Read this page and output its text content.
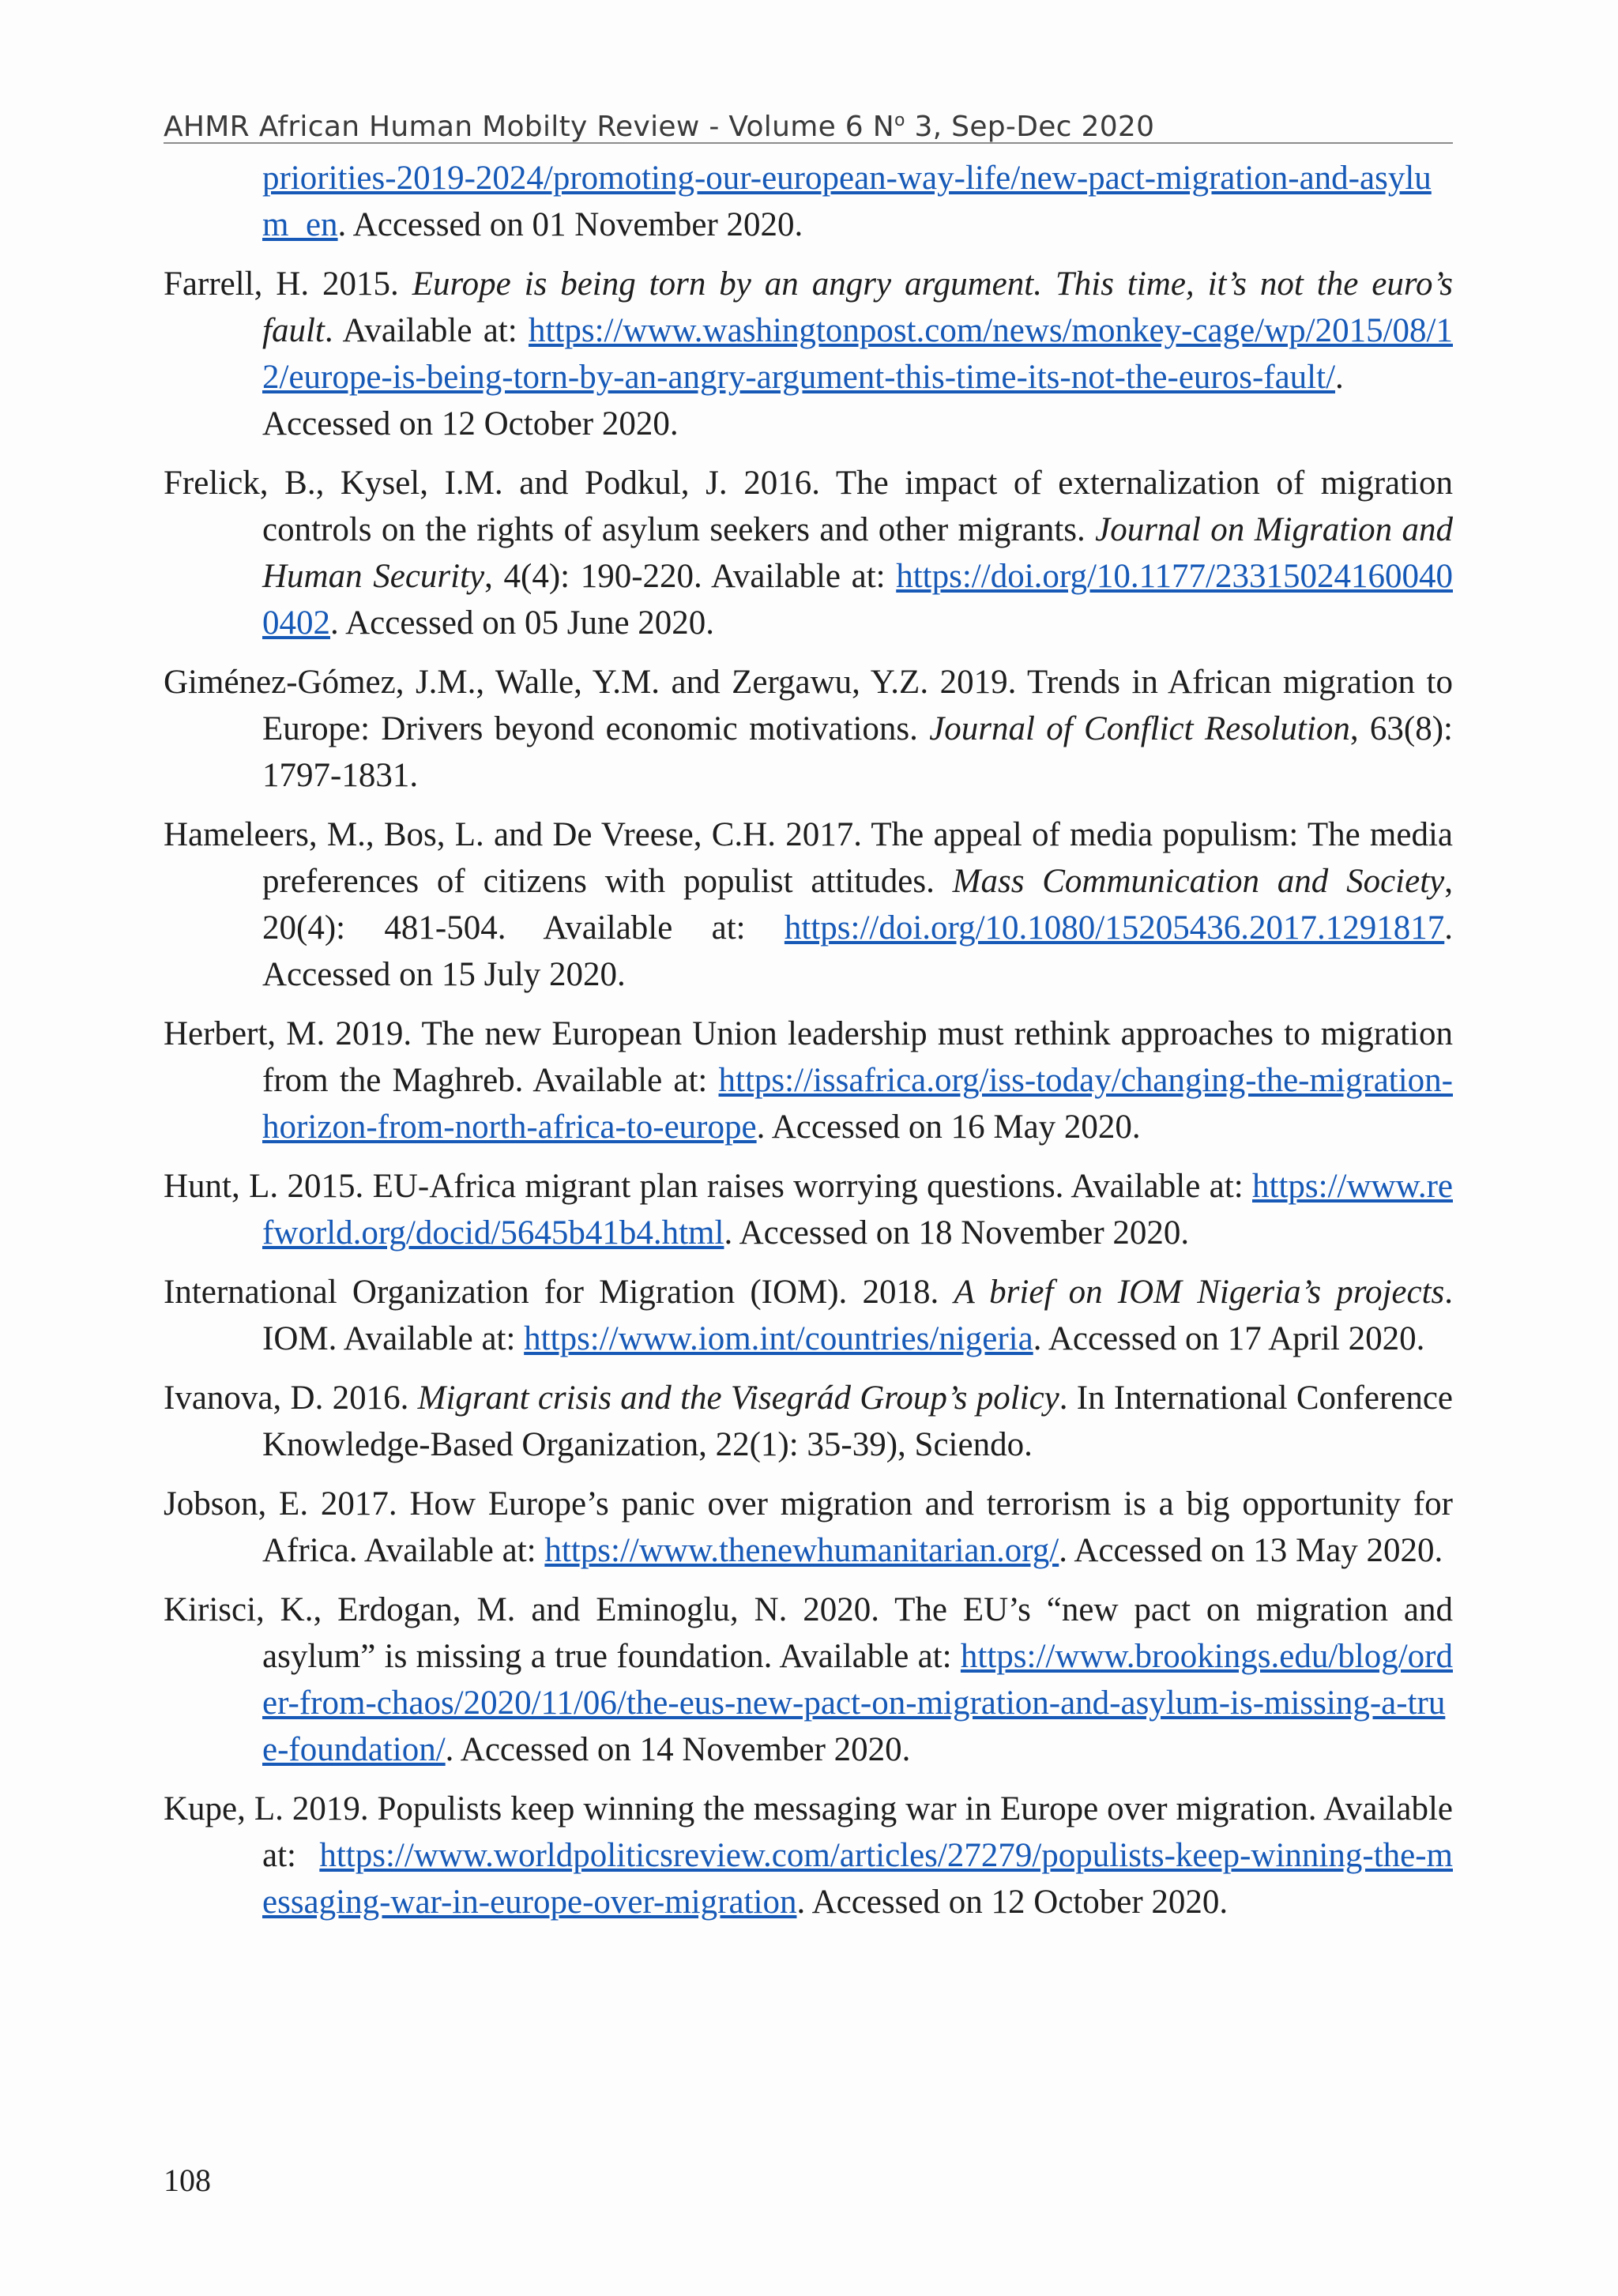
AHMR African Human Mobilty Review - Volume 6 $N^o$ 3, Sep-Dec 2020

priorities-2019-2024/promoting-our-european-way-life/new-pact-migration-and-asylum_en. Accessed on 01 November 2020.

Farrell, H. 2015. Europe is being torn by an angry argument. This time, it’s not the euro’s fault. Available at: https://www.washingtonpost.com/news/monkey-cage/wp/2015/08/12/europe-is-being-torn-by-an-angry-argument-this-time-its-not-the-euros-fault/. Accessed on 12 October 2020.

Frelick, B., Kysel, I.M. and Podkul, J. 2016. The impact of externalization of migration controls on the rights of asylum seekers and other migrants. Journal on Migration and Human Security, 4(4): 190-220. Available at: https://doi.org/10.1177/233150241600400402. Accessed on 05 June 2020.

Giménez-Gómez, J.M., Walle, Y.M. and Zergawu, Y.Z. 2019. Trends in African migration to Europe: Drivers beyond economic motivations. Journal of Conflict Resolution, 63(8): 1797-1831.

Hameleers, M., Bos, L. and De Vreese, C.H. 2017. The appeal of media populism: The media preferences of citizens with populist attitudes. Mass Communication and Society, 20(4): 481-504. Available at: https://doi.org/10.1080/15205436.2017.1291817. Accessed on 15 July 2020.

Herbert, M. 2019. The new European Union leadership must rethink approaches to migration from the Maghreb. Available at: https://issafrica.org/iss-today/changing-the-migration-horizon-from-north-africa-to-europe. Accessed on 16 May 2020.

Hunt, L. 2015. EU-Africa migrant plan raises worrying questions. Available at: https://www.refworld.org/docid/5645b41b4.html. Accessed on 18 November 2020.

International Organization for Migration (IOM). 2018. A brief on IOM Nigeria’s projects. IOM. Available at: https://www.iom.int/countries/nigeria. Accessed on 17 April 2020.

Ivanova, D. 2016. Migrant crisis and the Visegrád Group’s policy. In International Conference Knowledge-Based Organization, 22(1): 35-39), Sciendo.

Jobson, E. 2017. How Europe’s panic over migration and terrorism is a big opportunity for Africa. Available at: https://www.thenewhumanitarian.org/. Accessed on 13 May 2020.

Kirisci, K., Erdogan, M. and Eminoglu, N. 2020. The EU’s “new pact on migration and asylum” is missing a true foundation. Available at: https://www.brookings.edu/blog/order-from-chaos/2020/11/06/the-eus-new-pact-on-migration-and-asylum-is-missing-a-true-foundation/. Accessed on 14 November 2020.

Kupe, L. 2019. Populists keep winning the messaging war in Europe over migration. Available at: https://www.worldpoliticsreview.com/articles/27279/populists-keep-winning-the-messaging-war-in-europe-over-migration. Accessed on 12 October 2020.

108
